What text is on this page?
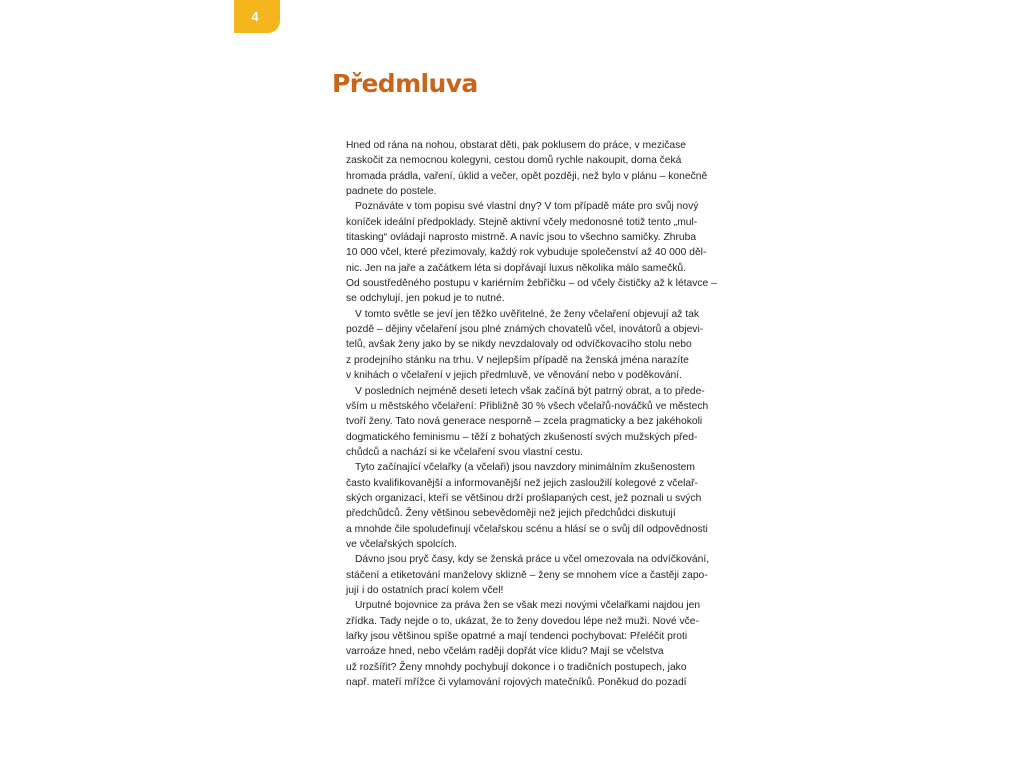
4
Předmluva
Hned od rána na nohou, obstarat děti, pak poklusem do práce, v mezičase
zaskočit za nemocnou kolegyni, cestou domů rychle nakoupit, doma čeká
hromada prádla, vaření, úklid a večer, opět později, než bylo v plánu – konečně
padnete do postele.
Poznáváte v tom popisu své vlastní dny? V tom případě máte pro svůj nový
koníček ideální předpoklady. Stejně aktivní včely medonosné totiž tento „mul-
titasking“ ovládají naprosto mistrně. A navíc jsou to všechno samičky. Zhruba
10 000 včel, které přezimovaly, každý rok vybuduje společenství až 40 000 děl-
nic. Jen na jaře a začátkem léta si dopřávají luxus několika málo samečků.
Od soustředěného postupu v kariérním žebříčku – od včely čističky až k létavce –
se odchylují, jen pokud je to nutné.
V tomto světle se jeví jen těžko uvěřitelné, že ženy včelaření objevují až tak
pozdě – dějiny včelaření jsou plné známých chovatelů včel, inovátorů a objevi-
telů, avšak ženy jako by se nikdy nevzdalovaly od odvíčkovacího stolu nebo
z prodejního stánku na trhu. V nejlepším případě na ženská jména narazíte
v knihách o včelaření v jejich předmluvě, ve věnování nebo v poděkování.
V posledních nejméně deseti letech však začíná být patrný obrat, a to přede-
vším u městského včelaření: Přibližně 30 % všech včelařů-nováčků ve městech
tvoří ženy. Tato nová generace nesporně – zcela pragmaticky a bez jakéhokoli
dogmatického feminismu – těží z bohatých zkušeností svých mužských před-
chůdců a nachází si ke včelaření svou vlastní cestu.
Tyto začínající včelařky (a včelaři) jsou navzdory minimálním zkušenostem
často kvalifikovanější a informovanější než jejich zasloužilí kolegové z včelař-
ských organizací, kteří se většinou drží prošlapaných cest, jež poznali u svých
předchůdců. Ženy většinou sebevědoměji než jejich předchůdci diskutují
a mnohde čile spoludefinují včelařskou scénu a hlásí se o svůj díl odpovědnosti
ve včelařských spolcích.
Dávno jsou pryč časy, kdy se ženská práce u včel omezovala na odvíčkování,
stáčení a etiketování manželovy sklizně – ženy se mnohem více a častěji zapo-
jují i do ostatních prací kolem včel!
Urputné bojovnice za práva žen se však mezi novými včelařkami najdou jen
zřídka. Tady nejde o to, ukázat, že to ženy dovedou lépe než muži. Nové vče-
lařky jsou většinou spíše opatrné a mají tendenci pochybovat: Přeléčit proti
varroáze hned, nebo včelám raději dopřát více klidu? Mají se včelstva
už rozšířit? Ženy mnohdy pochybují dokonce i o tradičních postupech, jako
např. mateří mřížce či vylamování rojových matečníků. Poněkud do pozadí
